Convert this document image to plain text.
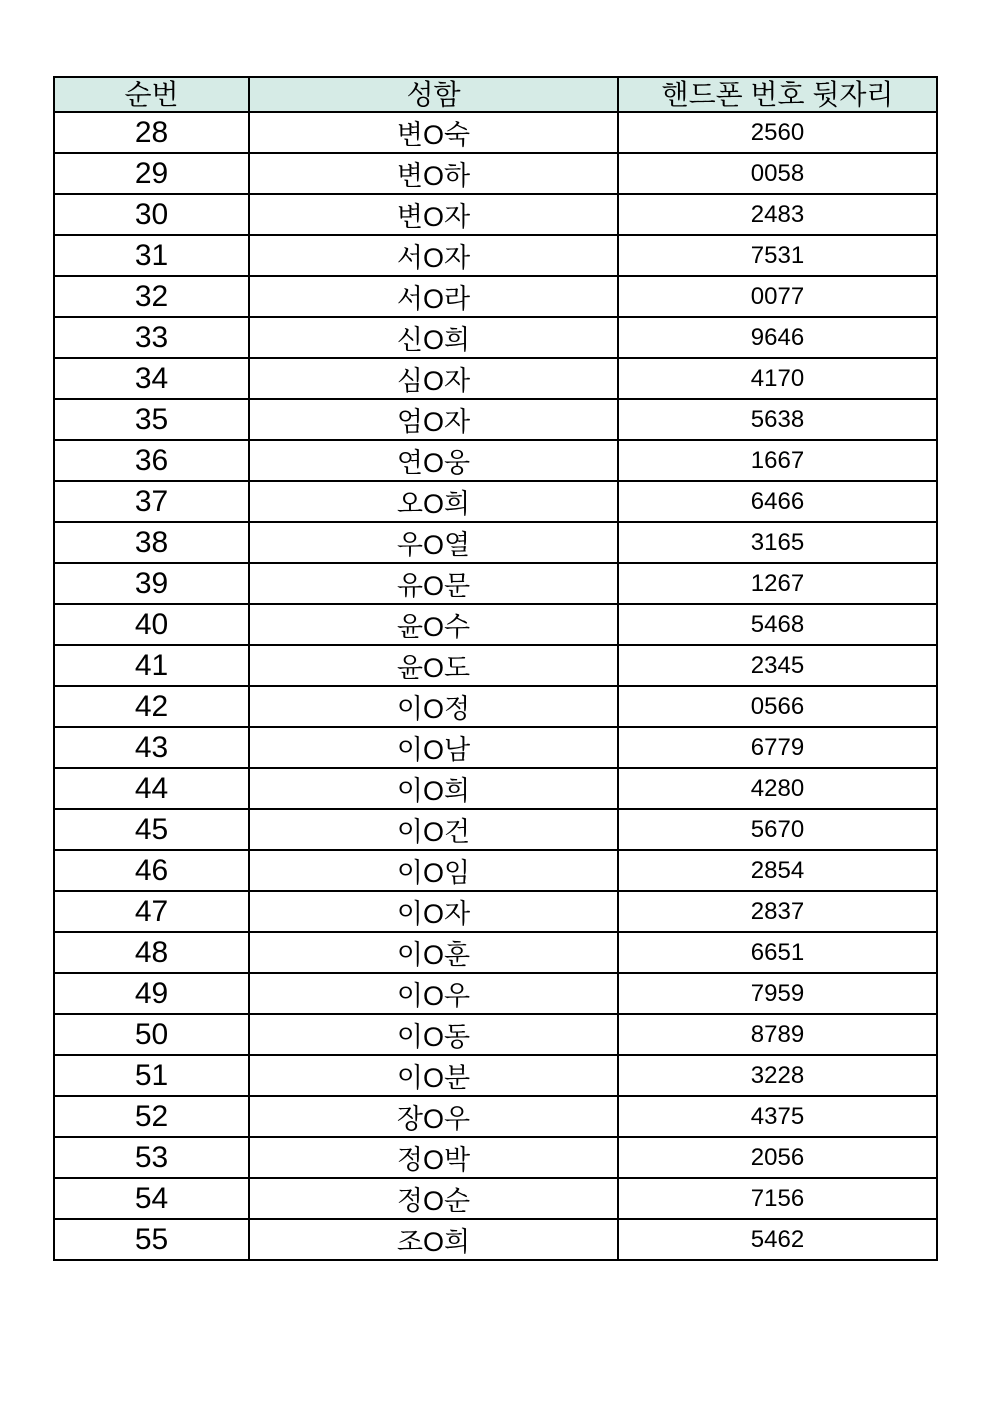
순번	성함	핸드폰 번호 뒷자리
28	변O숙	2560
29	변O하	0058
30	변O자	2483
31	서O자	7531
32	서O라	0077
33	신O희	9646
34	심O자	4170
35	엄O자	5638
36	연O웅	1667
37	오O희	6466
38	우O열	3165
39	유O문	1267
40	윤O수	5468
41	윤O도	2345
42	이O정	0566
43	이O남	6779
44	이O희	4280
45	이O건	5670
46	이O임	2854
47	이O자	2837
48	이O훈	6651
49	이O우	7959
50	이O동	8789
51	이O분	3228
52	장O우	4375
53	정O박	2056
54	정O순	7156
55	조O희	5462
